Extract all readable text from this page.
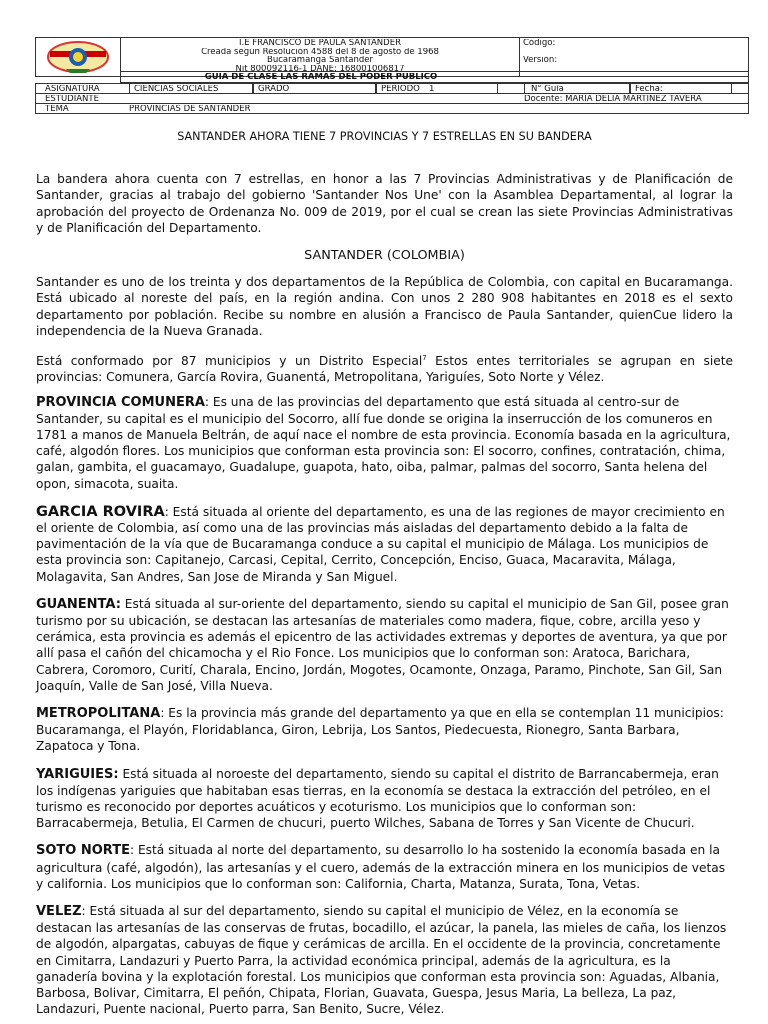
I.E FRANCISCO DE PAULA SANTANDER
Creada según Resolución 4588 del 8 de agosto de 1968
Bucaramanga Santander
Nit 800092116-1 DANE: 168001006817
Código:
Versión:
GUIA DE CLASE LAS RAMAS DEL PODER PUBLICO
ASIGNATURA	CIENCIAS SOCIALES	GRADO	PERIODO 1	N° Guía	Fecha:
ESTUDIANTE	Docente: MARIA DELIA MARTINEZ TAVERA
TEMA	PROVINCIAS DE SANTANDER

SANTANDER AHORA TIENE 7 PROVINCIAS Y 7 ESTRELLAS EN SU BANDERA

La bandera ahora cuenta con 7 estrellas, en honor a las 7 Provincias Administrativas y de Planificación de Santander, gracias al trabajo del gobierno 'Santander Nos Une' con la Asamblea Departamental, al lograr la aprobación del proyecto de Ordenanza No. 009 de 2019, por el cual se crean las siete Provincias Administrativas y de Planificación del Departamento.

SANTANDER (COLOMBIA)

Santander es uno de los treinta y dos departamentos de la República de Colombia, con capital en Bucaramanga. Está ubicado al noreste del país, en la región andina. Con unos 2 280 908 habitantes en 2018 es el sexto departamento por población. Recibe su nombre en alusión a Francisco de Paula Santander, quienCue lidero la independencia de la Nueva Granada.

Está conformado por 87 municipios y un Distrito Especial$^7$ Estos entes territoriales se agrupan en siete provincias: Comunera, García Rovira, Guanentá, Metropolitana, Yariguíes, Soto Norte y Vélez.

PROVINCIA COMUNERA: Es una de las provincias del departamento que está situada al centro-sur de Santander, su capital es el municipio del Socorro, allí fue donde se origina la inserrucción de los comuneros en 1781 a manos de Manuela Beltrán, de aquí nace el nombre de esta provincia. Economía basada en la agricultura, café, algodón flores. Los municipios que conforman esta provincia son: El socorro, confines, contratación, chima, galan, gambita, el guacamayo, Guadalupe, guapota, hato, oiba, palmar, palmas del socorro, Santa helena del opon, simacota, suaita.

GARCIA ROVIRA: Está situada al oriente del departamento, es una de las regiones de mayor crecimiento en el oriente de Colombia, así como una de las provincias más aisladas del departamento debido a la falta de pavimentación de la vía que de Bucaramanga conduce a su capital el municipio de Málaga. Los municipios de esta provincia son: Capitanejo, Carcasi, Cepital, Cerrito, Concepción, Enciso, Guaca, Macaravita, Málaga, Molagavita, San Andres, San Jose de Miranda y San Miguel.

GUANENTA: Está situada al sur-oriente del departamento, siendo su capital el municipio de San Gil, posee gran turismo por su ubicación, se destacan las artesanías de materiales como madera, fique, cobre, arcilla yeso y cerámica, esta provincia es además el epicentro de las actividades extremas y deportes de aventura, ya que por allí pasa el cañón del chicamocha y el Rio Fonce. Los municipios que lo conforman son: Aratoca, Barichara, Cabrera, Coromoro, Curití, Charala, Encino, Jordán, Mogotes, Ocamonte, Onzaga, Paramo, Pinchote, San Gil, San Joaquín, Valle de San José, Villa Nueva.

METROPOLITANA: Es la provincia más grande del departamento ya que en ella se contemplan 11 municipios: Bucaramanga, el Playón, Floridablanca, Giron, Lebrija, Los Santos, Piedecuesta, Rionegro, Santa Barbara, Zapatoca y Tona.

YARIGUIES: Está situada al noroeste del departamento, siendo su capital el distrito de Barrancabermeja, eran los indígenas yariguies que habitaban esas tierras, en la economía se destaca la extracción del petróleo, en el turismo es reconocido por deportes acuáticos y ecoturismo. Los municipios que lo conforman son: Barracabermeja, Betulia, El Carmen de chucuri, puerto Wilches, Sabana de Torres y San Vicente de Chucuri.

SOTO NORTE: Está situada al norte del departamento, su desarrollo lo ha sostenido la economía basada en la agricultura (café, algodón), las artesanías y el cuero, además de la extracción minera en los municipios de vetas y california. Los municipios que lo conforman son: California, Charta, Matanza, Surata, Tona, Vetas.

VELEZ: Está situada al sur del departamento, siendo su capital el municipio de Vélez, en la economía se destacan las artesanías de las conservas de frutas, bocadillo, el azúcar, la panela, las mieles de caña, los lienzos de algodón, alpargatas, cabuyas de fique y cerámicas de arcilla. En el occidente de la provincia, concretamente en Cimitarra, Landazuri y Puerto Parra, la actividad económica principal, además de la agricultura, es la ganadería bovina y la explotación forestal. Los municipios que conforman esta provincia son: Aguadas, Albania, Barbosa, Bolivar, Cimitarra, El peñón, Chipata, Florian, Guavata, Guespa, Jesus Maria, La belleza, La paz, Landazuri, Puente nacional, Puerto parra, San Benito, Sucre, Vélez.
